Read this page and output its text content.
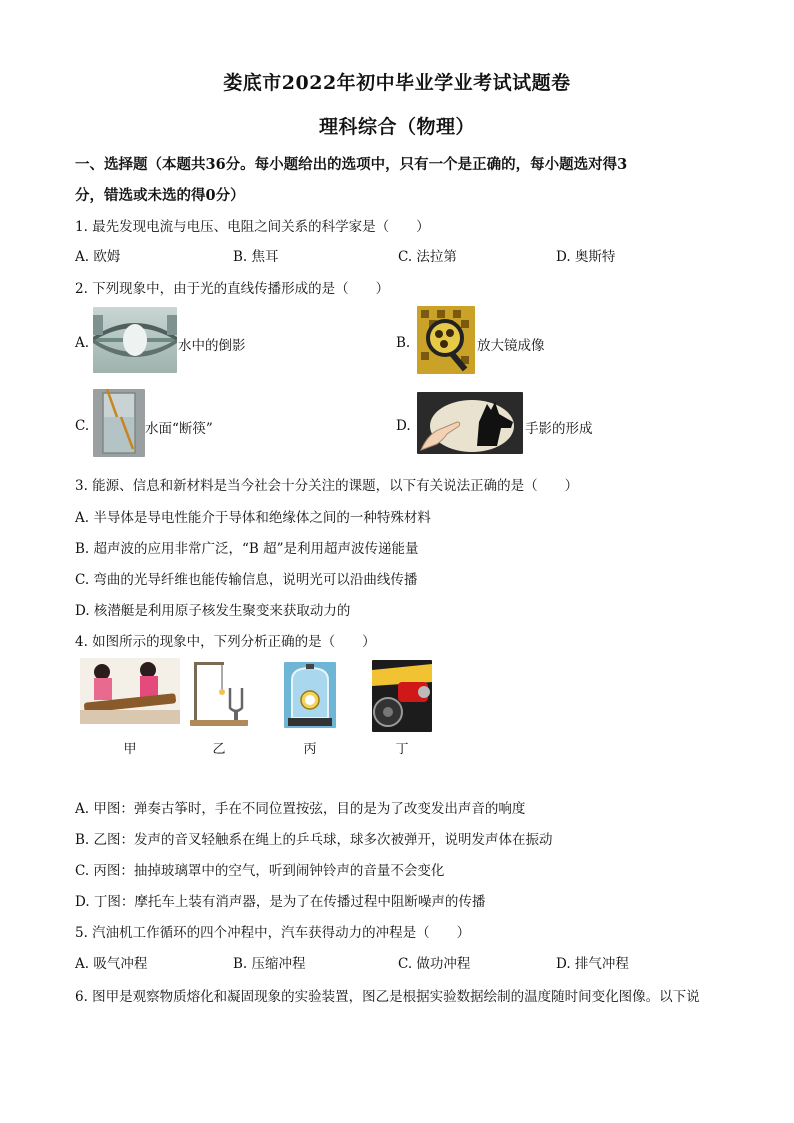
娄底市2022年初中毕业学业考试试题卷
理科综合（物理）
一、选择题（本题共36分。每小题给出的选项中，只有一个是正确的，每小题选对得3
分，错选或未选的得0分）
1. 最先发现电流与电压、电阻之间关系的科学家是（　　）
A. 欧姆	B. 焦耳	C. 法拉第	D. 奥斯特
2. 下列现象中，由于光的直线传播形成的是（　　）
A.	水中的倒影	B.	放大镜成像
C.	水面“断筷”	D.	手影的形成
3. 能源、信息和新材料是当今社会十分关注的课题，以下有关说法正确的是（　　）
A. 半导体是导电性能介于导体和绝缘体之间的一种特殊材料
B. 超声波的应用非常广泛，“B 超”是利用超声波传递能量
C. 弯曲的光导纤维也能传输信息，说明光可以沿曲线传播
D. 核潜艇是利用原子核发生聚变来获取动力的
4. 如图所示的现象中，下列分析正确的是（　　）
甲	乙	丙	丁
A. 甲图：弹奏古筝时，手在不同位置按弦，目的是为了改变发出声音的响度
B. 乙图：发声的音叉轻触系在绳上的乒乓球，球多次被弹开，说明发声体在振动
C. 丙图：抽掉玻璃罩中的空气，听到闹钟铃声的音量不会变化
D. 丁图：摩托车上装有消声器，是为了在传播过程中阻断噪声的传播
5. 汽油机工作循环的四个冲程中，汽车获得动力的冲程是（　　）
A. 吸气冲程	B. 压缩冲程	C. 做功冲程	D. 排气冲程
6. 图甲是观察物质熔化和凝固现象的实验装置，图乙是根据实验数据绘制的温度随时间变化图像。以下说
